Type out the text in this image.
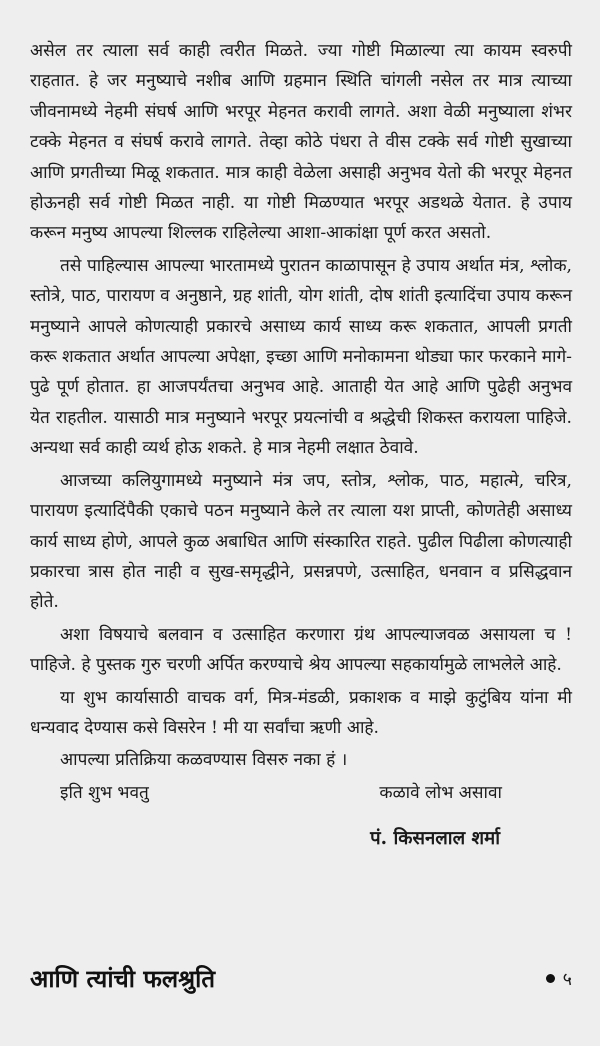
असेल तर त्याला सर्व काही त्वरीत मिळते. ज्या गोष्टी मिळाल्या त्या कायम स्वरुपी राहतात. हे जर मनुष्याचे नशीब आणि ग्रहमान स्थिति चांगली नसेल तर मात्र त्याच्या जीवनामध्ये नेहमी संघर्ष आणि भरपूर मेहनत करावी लागते. अशा वेळी मनुष्याला शंभर टक्के मेहनत व संघर्ष करावे लागते. तेव्हा कोठे पंधरा ते वीस टक्के सर्व गोष्टी सुखाच्या आणि प्रगतीच्या मिळू शकतात. मात्र काही वेळेला असाही अनुभव येतो की भरपूर मेहनत होऊनही सर्व गोष्टी मिळत नाही. या गोष्टी मिळण्यात भरपूर अडथळे येतात. हे उपाय करून मनुष्य आपल्या शिल्लक राहिलेल्या आशा-आकांक्षा पूर्ण करत असतो.

तसे पाहिल्यास आपल्या भारतामध्ये पुरातन काळापासून हे उपाय अर्थात मंत्र, श्लोक, स्तोत्रे, पाठ, पारायण व अनुष्ठाने, ग्रह शांती, योग शांती, दोष शांती इत्यादिंचा उपाय करून मनुष्याने आपले कोणत्याही प्रकारचे असाध्य कार्य साध्य करू शकतात, आपली प्रगती करू शकतात अर्थात आपल्या अपेक्षा, इच्छा आणि मनोकामना थोड्या फार फरकाने मागे-पुढे पूर्ण होतात. हा आजपर्यंतचा अनुभव आहे. आताही येत आहे आणि पुढेही अनुभव येत राहतील. यासाठी मात्र मनुष्याने भरपूर प्रयत्नांची व श्रद्धेची शिकस्त करायला पाहिजे. अन्यथा सर्व काही व्यर्थ होऊ शकते. हे मात्र नेहमी लक्षात ठेवावे.

आजच्या कलियुगामध्ये मनुष्याने मंत्र जप, स्तोत्र, श्लोक, पाठ, महात्मे, चरित्र, पारायण इत्यादिंपैकी एकाचे पठन मनुष्याने केले तर त्याला यश प्राप्ती, कोणतेही असाध्य कार्य साध्य होणे, आपले कुळ अबाधित आणि संस्कारित राहते. पुढील पिढीला कोणत्याही प्रकारचा त्रास होत नाही व सुख-समृद्धीने, प्रसन्नपणे, उत्साहित, धनवान व प्रसिद्धवान होते.

अशा विषयाचे बलवान व उत्साहित करणारा ग्रंथ आपल्याजवळ असायला च ! पाहिजे. हे पुस्तक गुरु चरणी अर्पित करण्याचे श्रेय आपल्या सहकार्यामुळे लाभलेले आहे.

या शुभ कार्यासाठी वाचक वर्ग, मित्र-मंडळी, प्रकाशक व माझे कुटुंबिय यांना मी धन्यवाद देण्यास कसे विसरेन ! मी या सर्वांचा ऋणी आहे.

आपल्या प्रतिक्रिया कळवण्यास विसरु नका हं ।

इति शुभ भवतु	कळावे लोभ असावा
पं. किसनलाल शर्मा
आणि त्यांची फलश्रुति	५
